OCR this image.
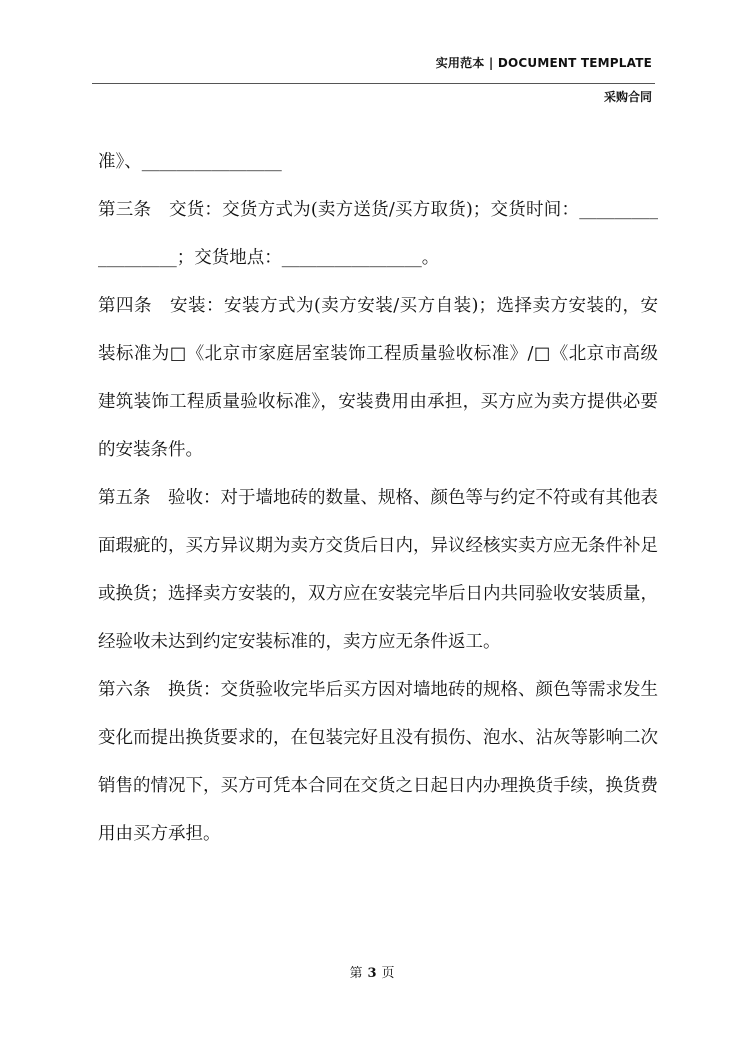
实用范本 | DOCUMENT TEMPLATE
采购合同

准》、________________

第三条　交货：交货方式为(卖方送货/买方取货)；交货时间：__________________；交货地点：________________。

第四条　安装：安装方式为(卖方安装/买方自装)；选择卖方安装的，安装标准为□《北京市家庭居室装饰工程质量验收标准》/□《北京市高级建筑装饰工程质量验收标准》，安装费用由承担，买方应为卖方提供必要的安装条件。

第五条　验收：对于墙地砖的数量、规格、颜色等与约定不符或有其他表面瑕疵的，买方异议期为卖方交货后日内，异议经核实卖方应无条件补足或换货；选择卖方安装的，双方应在安装完毕后日内共同验收安装质量，经验收未达到约定安装标准的，卖方应无条件返工。

第六条　换货：交货验收完毕后买方因对墙地砖的规格、颜色等需求发生变化而提出换货要求的，在包装完好且没有损伤、泡水、沾灰等影响二次销售的情况下，买方可凭本合同在交货之日起日内办理换货手续，换货费用由买方承担。

第 3 页
